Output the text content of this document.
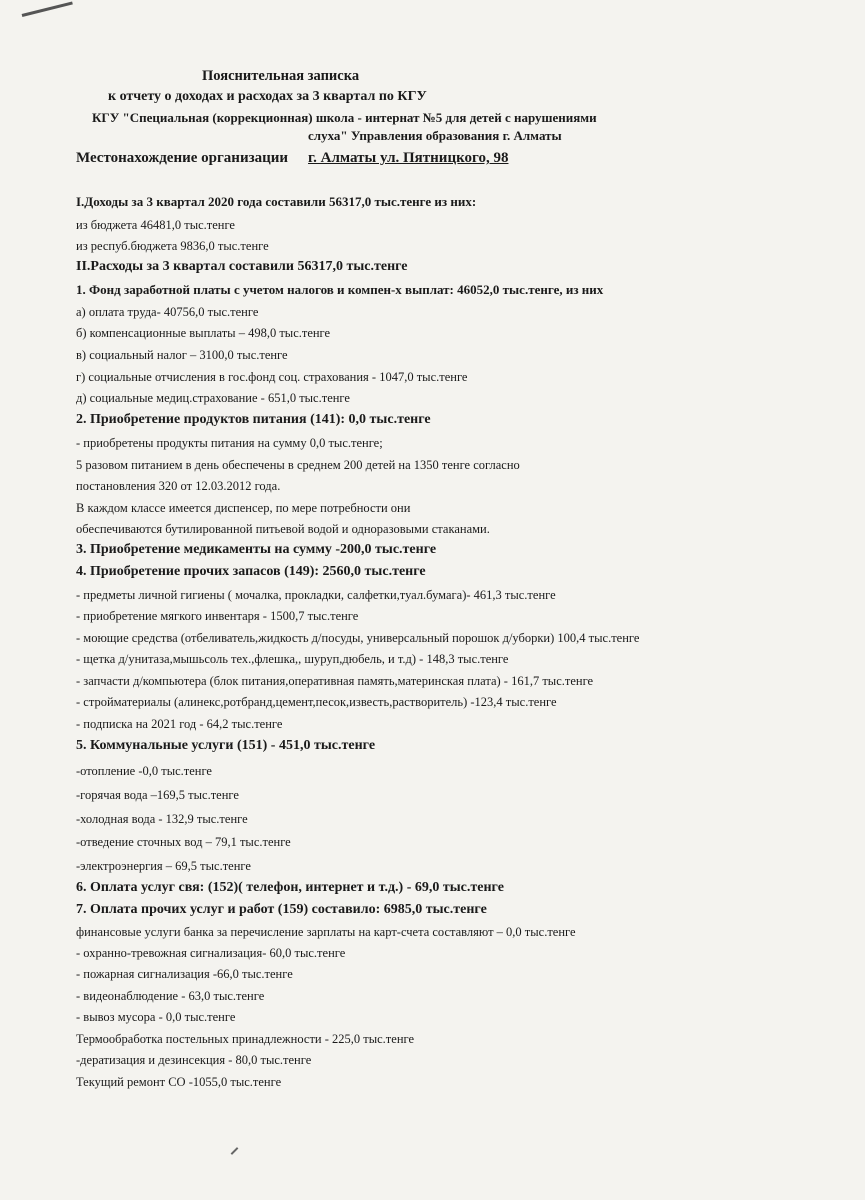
Пояснительная записка
к отчету о доходах и расходах за 3 квартал по КГУ
КГУ "Специальная (коррекционная) школа - интернат №5 для детей с нарушениями
слуха" Управления образования г. Алматы
Местонахождение организации г. Алматы ул. Пятницкого, 98
I.Доходы за 3 квартал 2020 года составили 56317,0 тыс.тенге из них:
из бюджета 46481,0 тыс.тенге
из респуб.бюджета 9836,0 тыс.тенге
II.Расходы за 3 квартал составили 56317,0 тыс.тенге
1. Фонд заработной платы с учетом налогов и компен-х выплат: 46052,0 тыс.тенге, из них
а) оплата труда- 40756,0 тыс.тенге
б) компенсационные выплаты – 498,0 тыс.тенге
в) социальный налог – 3100,0 тыс.тенге
г) социальные отчисления в гос.фонд соц. страхования - 1047,0 тыс.тенге
д) социальные медиц.страхование - 651,0 тыс.тенге
2. Приобретение продуктов питания (141): 0,0 тыс.тенге
- приобретены продукты питания на сумму 0,0 тыс.тенге;
5 разовом питанием в день обеспечены в среднем 200 детей на 1350 тенге согласно
постановления 320 от 12.03.2012 года.
В каждом классе имеется диспенсер, по мере потребности они
обеспечиваются бутилированной питьевой водой и одноразовыми стаканами.
3. Приобретение медикаменты на сумму -200,0 тыс.тенге
4. Приобретение прочих запасов (149): 2560,0 тыс.тенге
- предметы личной гигиены ( мочалка, прокладки, салфетки,туал.бумага)- 461,3 тыс.тенге
- приобретение мягкого инвентаря - 1500,7 тыс.тенге
- моющие средства (отбеливатель,жидкость д/посуды, универсальный порошок д/уборки) 100,4 тыс.тенге
- щетка д/унитаза,мышьсоль тех.,флешка,, шуруп,дюбель, и т.д) - 148,3 тыс.тенге
- запчасти д/компьютера (блок питания,оперативная память,материнская плата) - 161,7 тыс.тенге
- стройматериалы (алинекс,ротбранд,цемент,песок,известь,растворитель) -123,4 тыс.тенге
- подписка на 2021 год - 64,2 тыс.тенге
5. Коммунальные услуги (151) - 451,0 тыс.тенге
-отопление -0,0 тыс.тенге
-горячая вода –169,5 тыс.тенге
-холодная вода - 132,9 тыс.тенге
-отведение сточных вод – 79,1 тыс.тенге
-электроэнергия – 69,5 тыс.тенге
6. Оплата услуг свя: (152)( телефон, интернет и т.д.) - 69,0 тыс.тенге
7. Оплата прочих услуг и работ (159) составило: 6985,0 тыс.тенге
финансовые услуги банка за перечисление зарплаты на карт-счета составляют – 0,0 тыс.тенге
- охранно-тревожная сигнализация- 60,0 тыс.тенге
- пожарная сигнализация -66,0 тыс.тенге
- видеонаблюдение - 63,0 тыс.тенге
- вывоз мусора - 0,0 тыс.тенге
Термообработка постельных принадлежности - 225,0 тыс.тенге
-дератизация и дезинсекция - 80,0 тыс.тенге
Текущий ремонт СО -1055,0 тыс.тенге
